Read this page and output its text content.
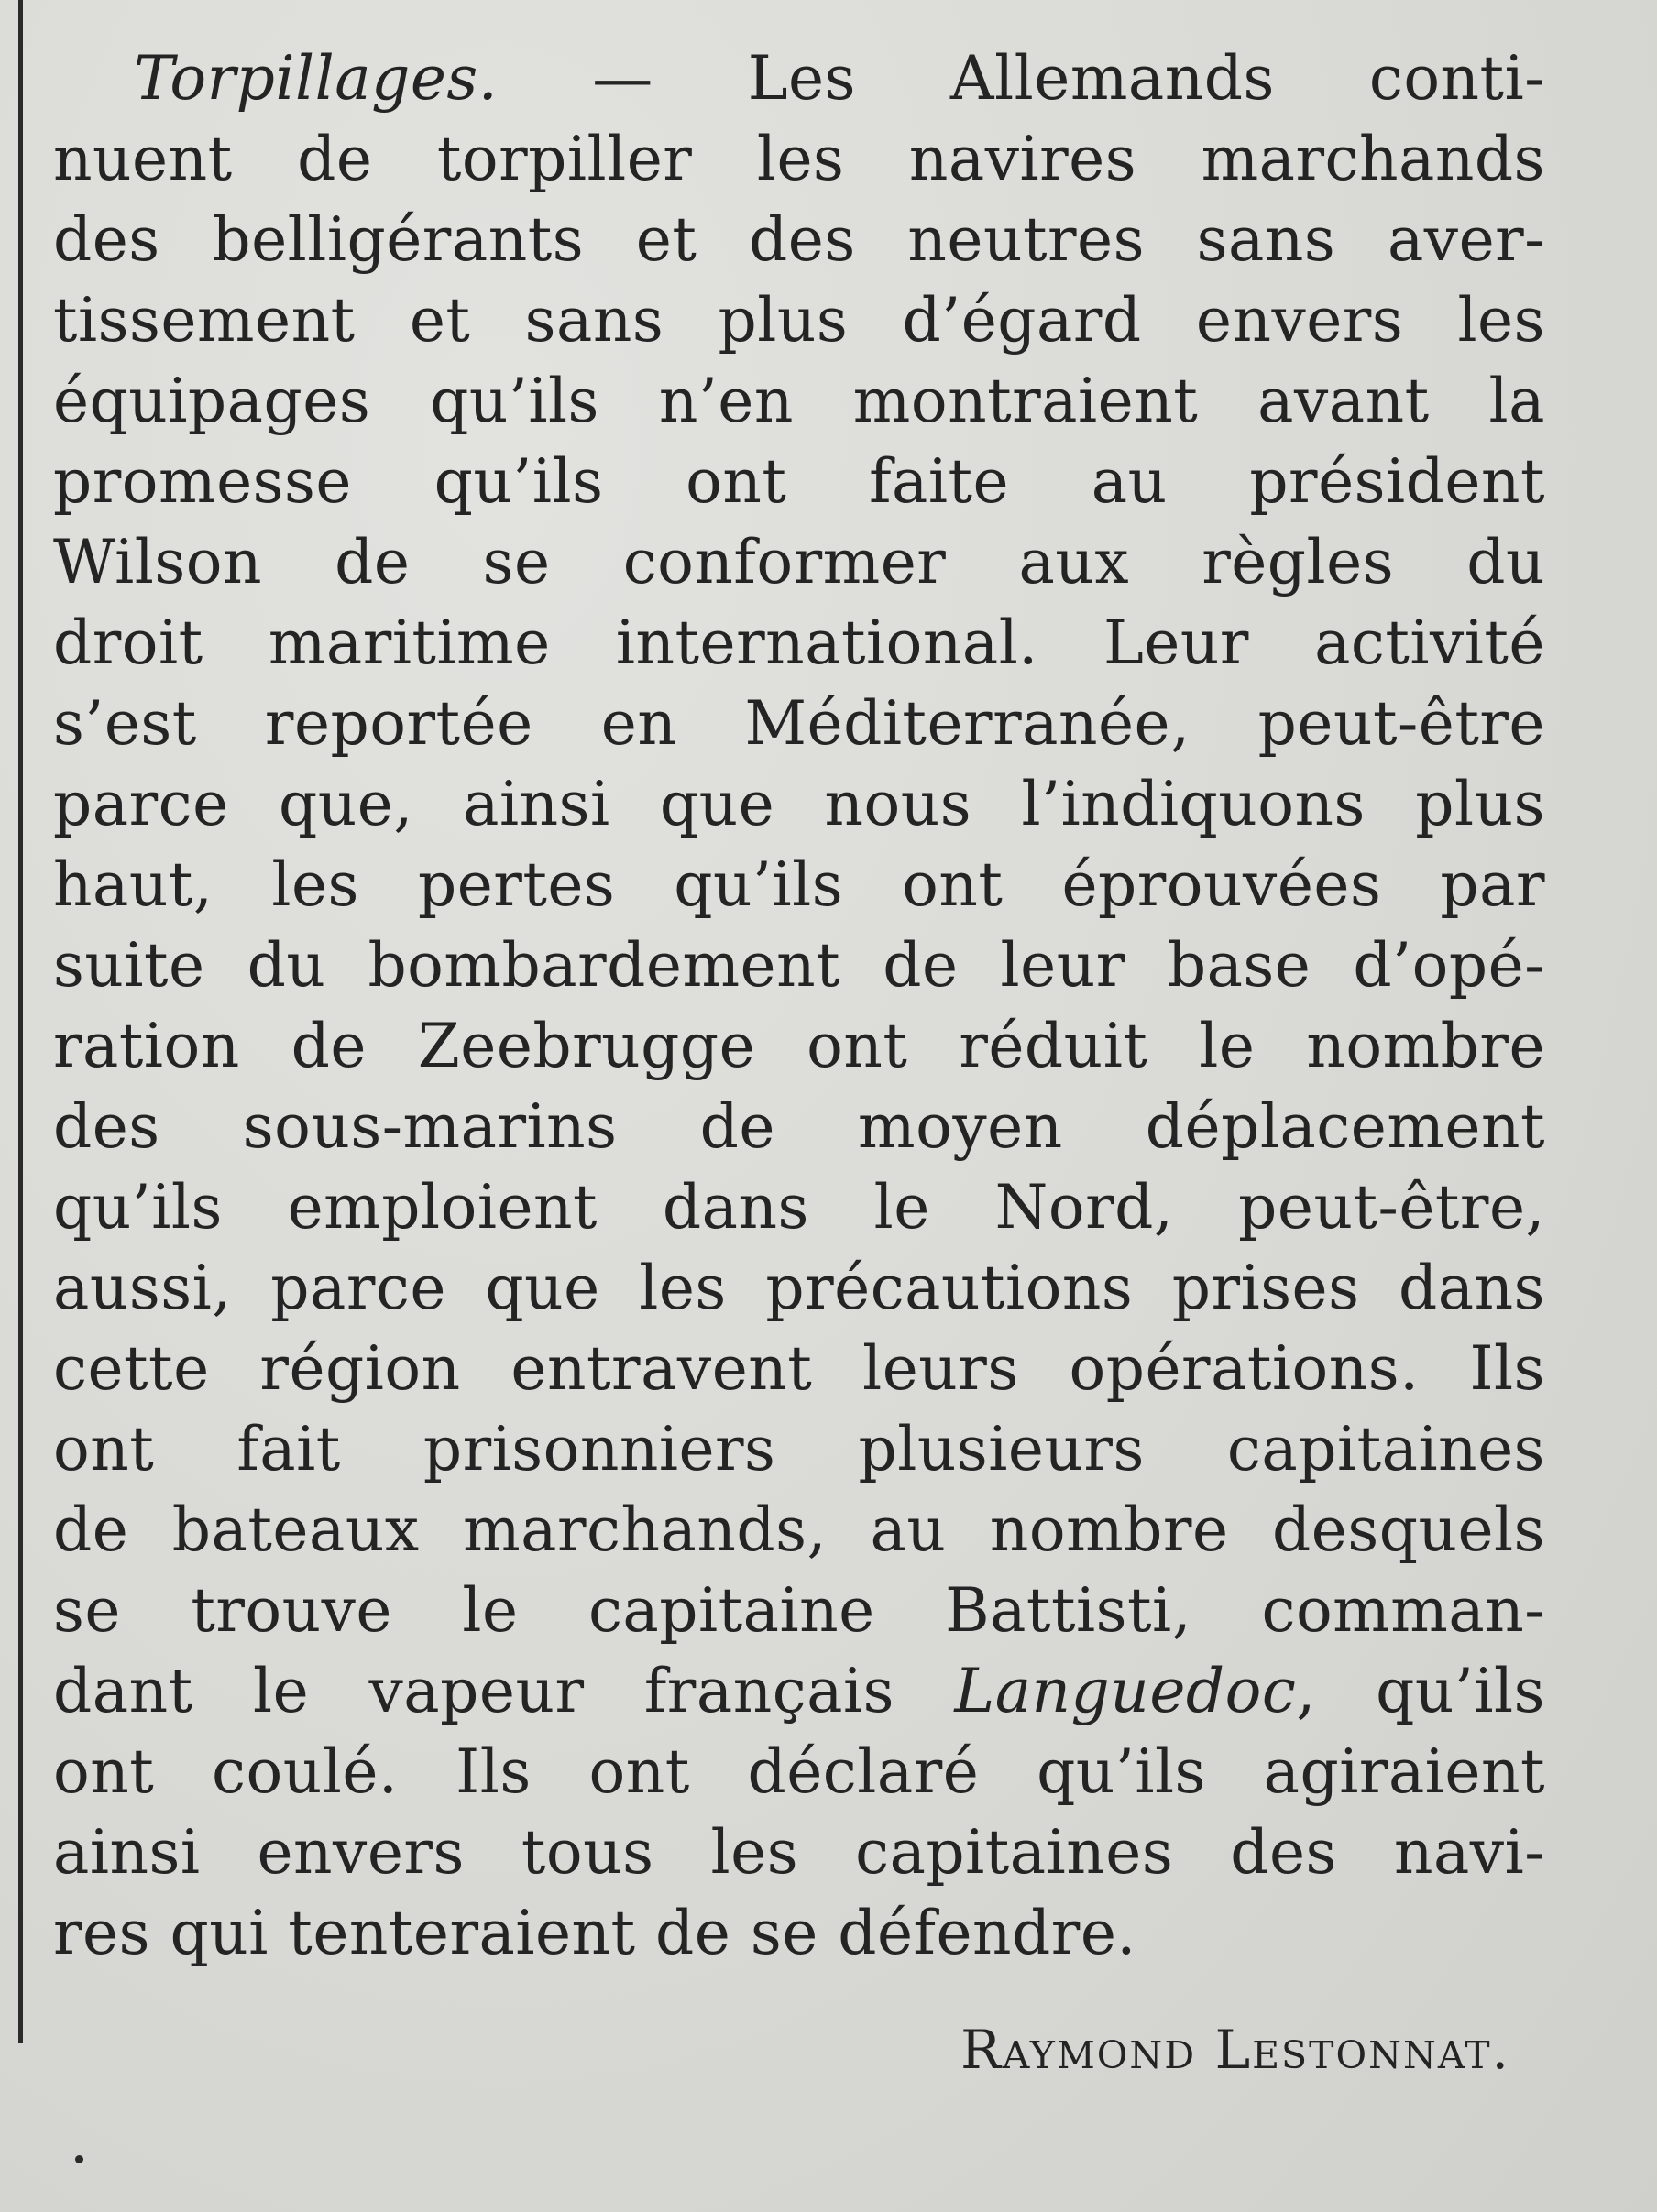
Torpillages. — Les Allemands conti-
nuent de torpiller les navires marchands
des belligérants et des neutres sans aver-
tissement et sans plus d’égard envers les
équipages qu’ils n’en montraient avant la
promesse qu’ils ont faite au président
Wilson de se conformer aux règles du
droit maritime international. Leur activité
s’est reportée en Méditerranée, peut-être
parce que, ainsi que nous l’indiquons plus
haut, les pertes qu’ils ont éprouvées par
suite du bombardement de leur base d’opé-
ration de Zeebrugge ont réduit le nombre
des sous-marins de moyen déplacement
qu’ils emploient dans le Nord, peut-être,
aussi, parce que les précautions prises dans
cette région entravent leurs opérations. Ils
ont fait prisonniers plusieurs capitaines
de bateaux marchands, au nombre desquels
se trouve le capitaine Battisti, comman-
dant le vapeur français Languedoc, qu’ils
ont coulé. Ils ont déclaré qu’ils agiraient
ainsi envers tous les capitaines des navi-
res qui tenteraient de se défendre.
Raymond Lestonnat.
